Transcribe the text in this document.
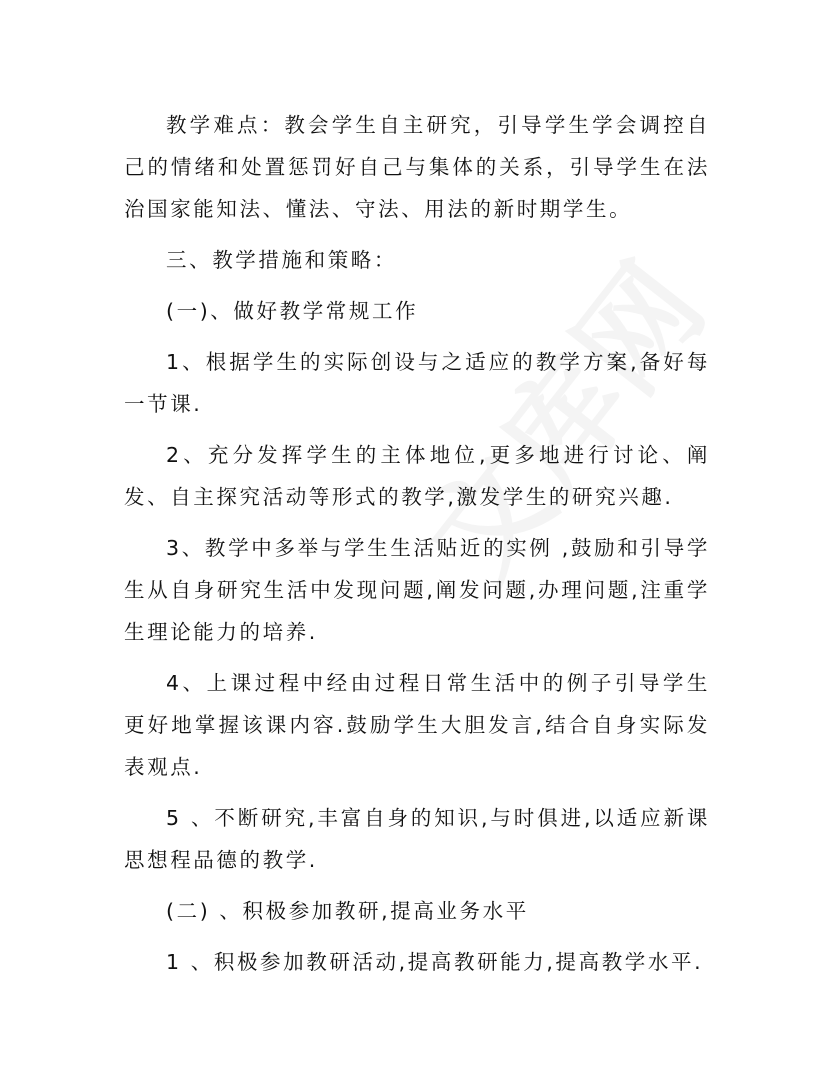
教学难点：教会学生自主研究，引导学生学会调控自己的情绪和处置惩罚好自己与集体的关系，引导学生在法治国家能知法、懂法、守法、用法的新时期学生。

三、教学措施和策略：

(一)、做好教学常规工作

1、根据学生的实际创设与之适应的教学方案,备好每一节课.

2、充分发挥学生的主体地位,更多地进行讨论、阐发、自主探究活动等形式的教学,激发学生的研究兴趣.

3、教学中多举与学生生活贴近的实例 ,鼓励和引导学生从自身研究生活中发现问题,阐发问题,办理问题,注重学生理论能力的培养.

4、上课过程中经由过程日常生活中的例子引导学生更好地掌握该课内容.鼓励学生大胆发言,结合自身实际发表观点.

5 、不断研究,丰富自身的知识,与时俱进,以适应新课思想程品德的教学.

(二) 、积极参加教研,提高业务水平

1 、积极参加教研活动,提高教研能力,提高教学水平.
